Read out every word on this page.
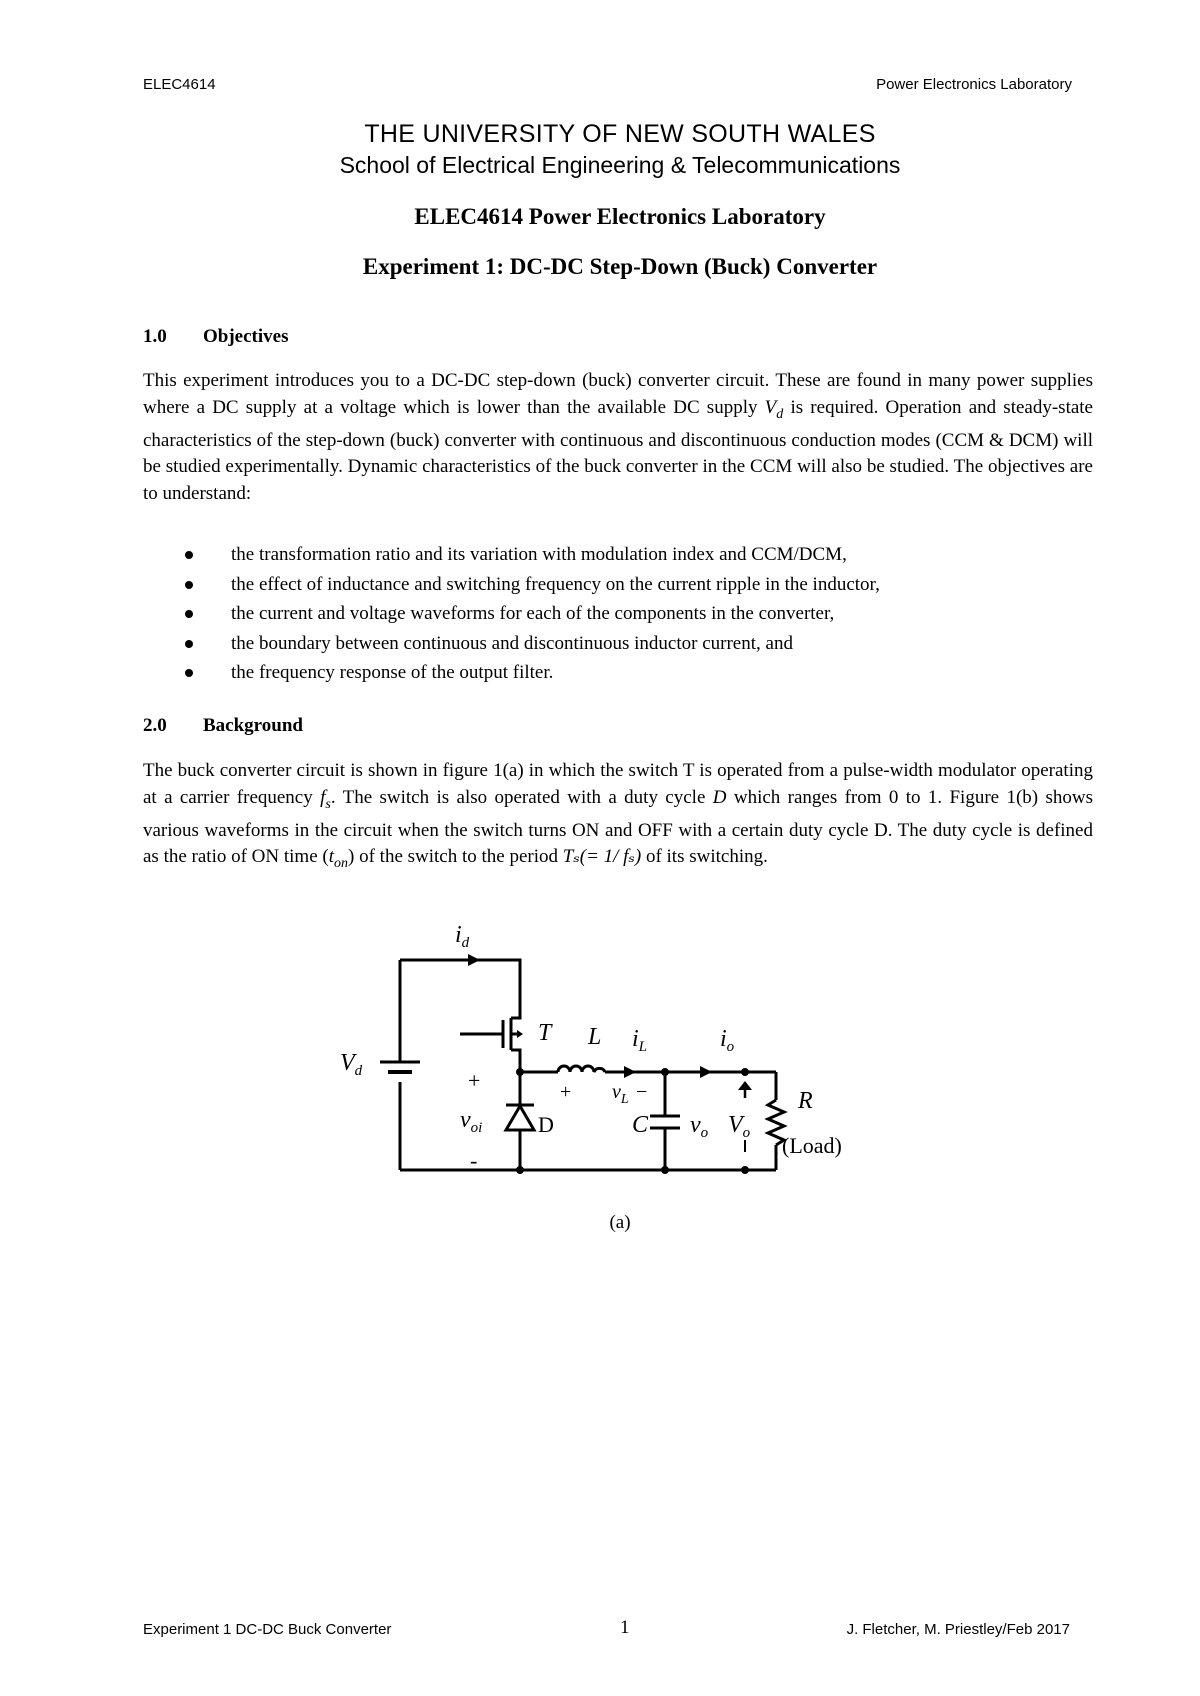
ELEC4614	Power Electronics Laboratory
THE UNIVERSITY OF NEW SOUTH WALES
School of Electrical Engineering & Telecommunications
ELEC4614 Power Electronics Laboratory
Experiment 1: DC-DC Step-Down (Buck) Converter
1.0 Objectives

This experiment introduces you to a DC-DC step-down (buck) converter circuit. These are found in many power supplies where a DC supply at a voltage which is lower than the available DC supply $V_d$ is required. Operation and steady-state characteristics of the step-down (buck) converter with continuous and discontinuous conduction modes (CCM & DCM) will be studied experimentally. Dynamic characteristics of the buck converter in the CCM will also be studied. The objectives are to understand:

the transformation ratio and its variation with modulation index and CCM/DCM,
the effect of inductance and switching frequency on the current ripple in the inductor,
the current and voltage waveforms for each of the components in the converter,
the boundary between continuous and discontinuous inductor current, and
the frequency response of the output filter.
2.0 Background

The buck converter circuit is shown in figure 1(a) in which the switch T is operated from a pulse-width modulator operating at a carrier frequency $f_s$. The switch is also operated with a duty cycle D which ranges from 0 to 1. Figure 1(b) shows various waveforms in the circuit when the switch turns ON and OFF with a certain duty cycle D. The duty cycle is defined as the ratio of ON time $(t_{on})$ of the switch to the period Tₛ(= 1/ fₛ) of its switching.

$i_d$
$V_d$
T L $i_L$	$i_o$
$v_{oi}$
$v_L$
C $v_o$ $V_o$
R
D
(Load)
+
-
+	−
(a)
Experiment 1 DC-DC Buck Converter	1	J. Fletcher, M. Priestley/Feb 2017
